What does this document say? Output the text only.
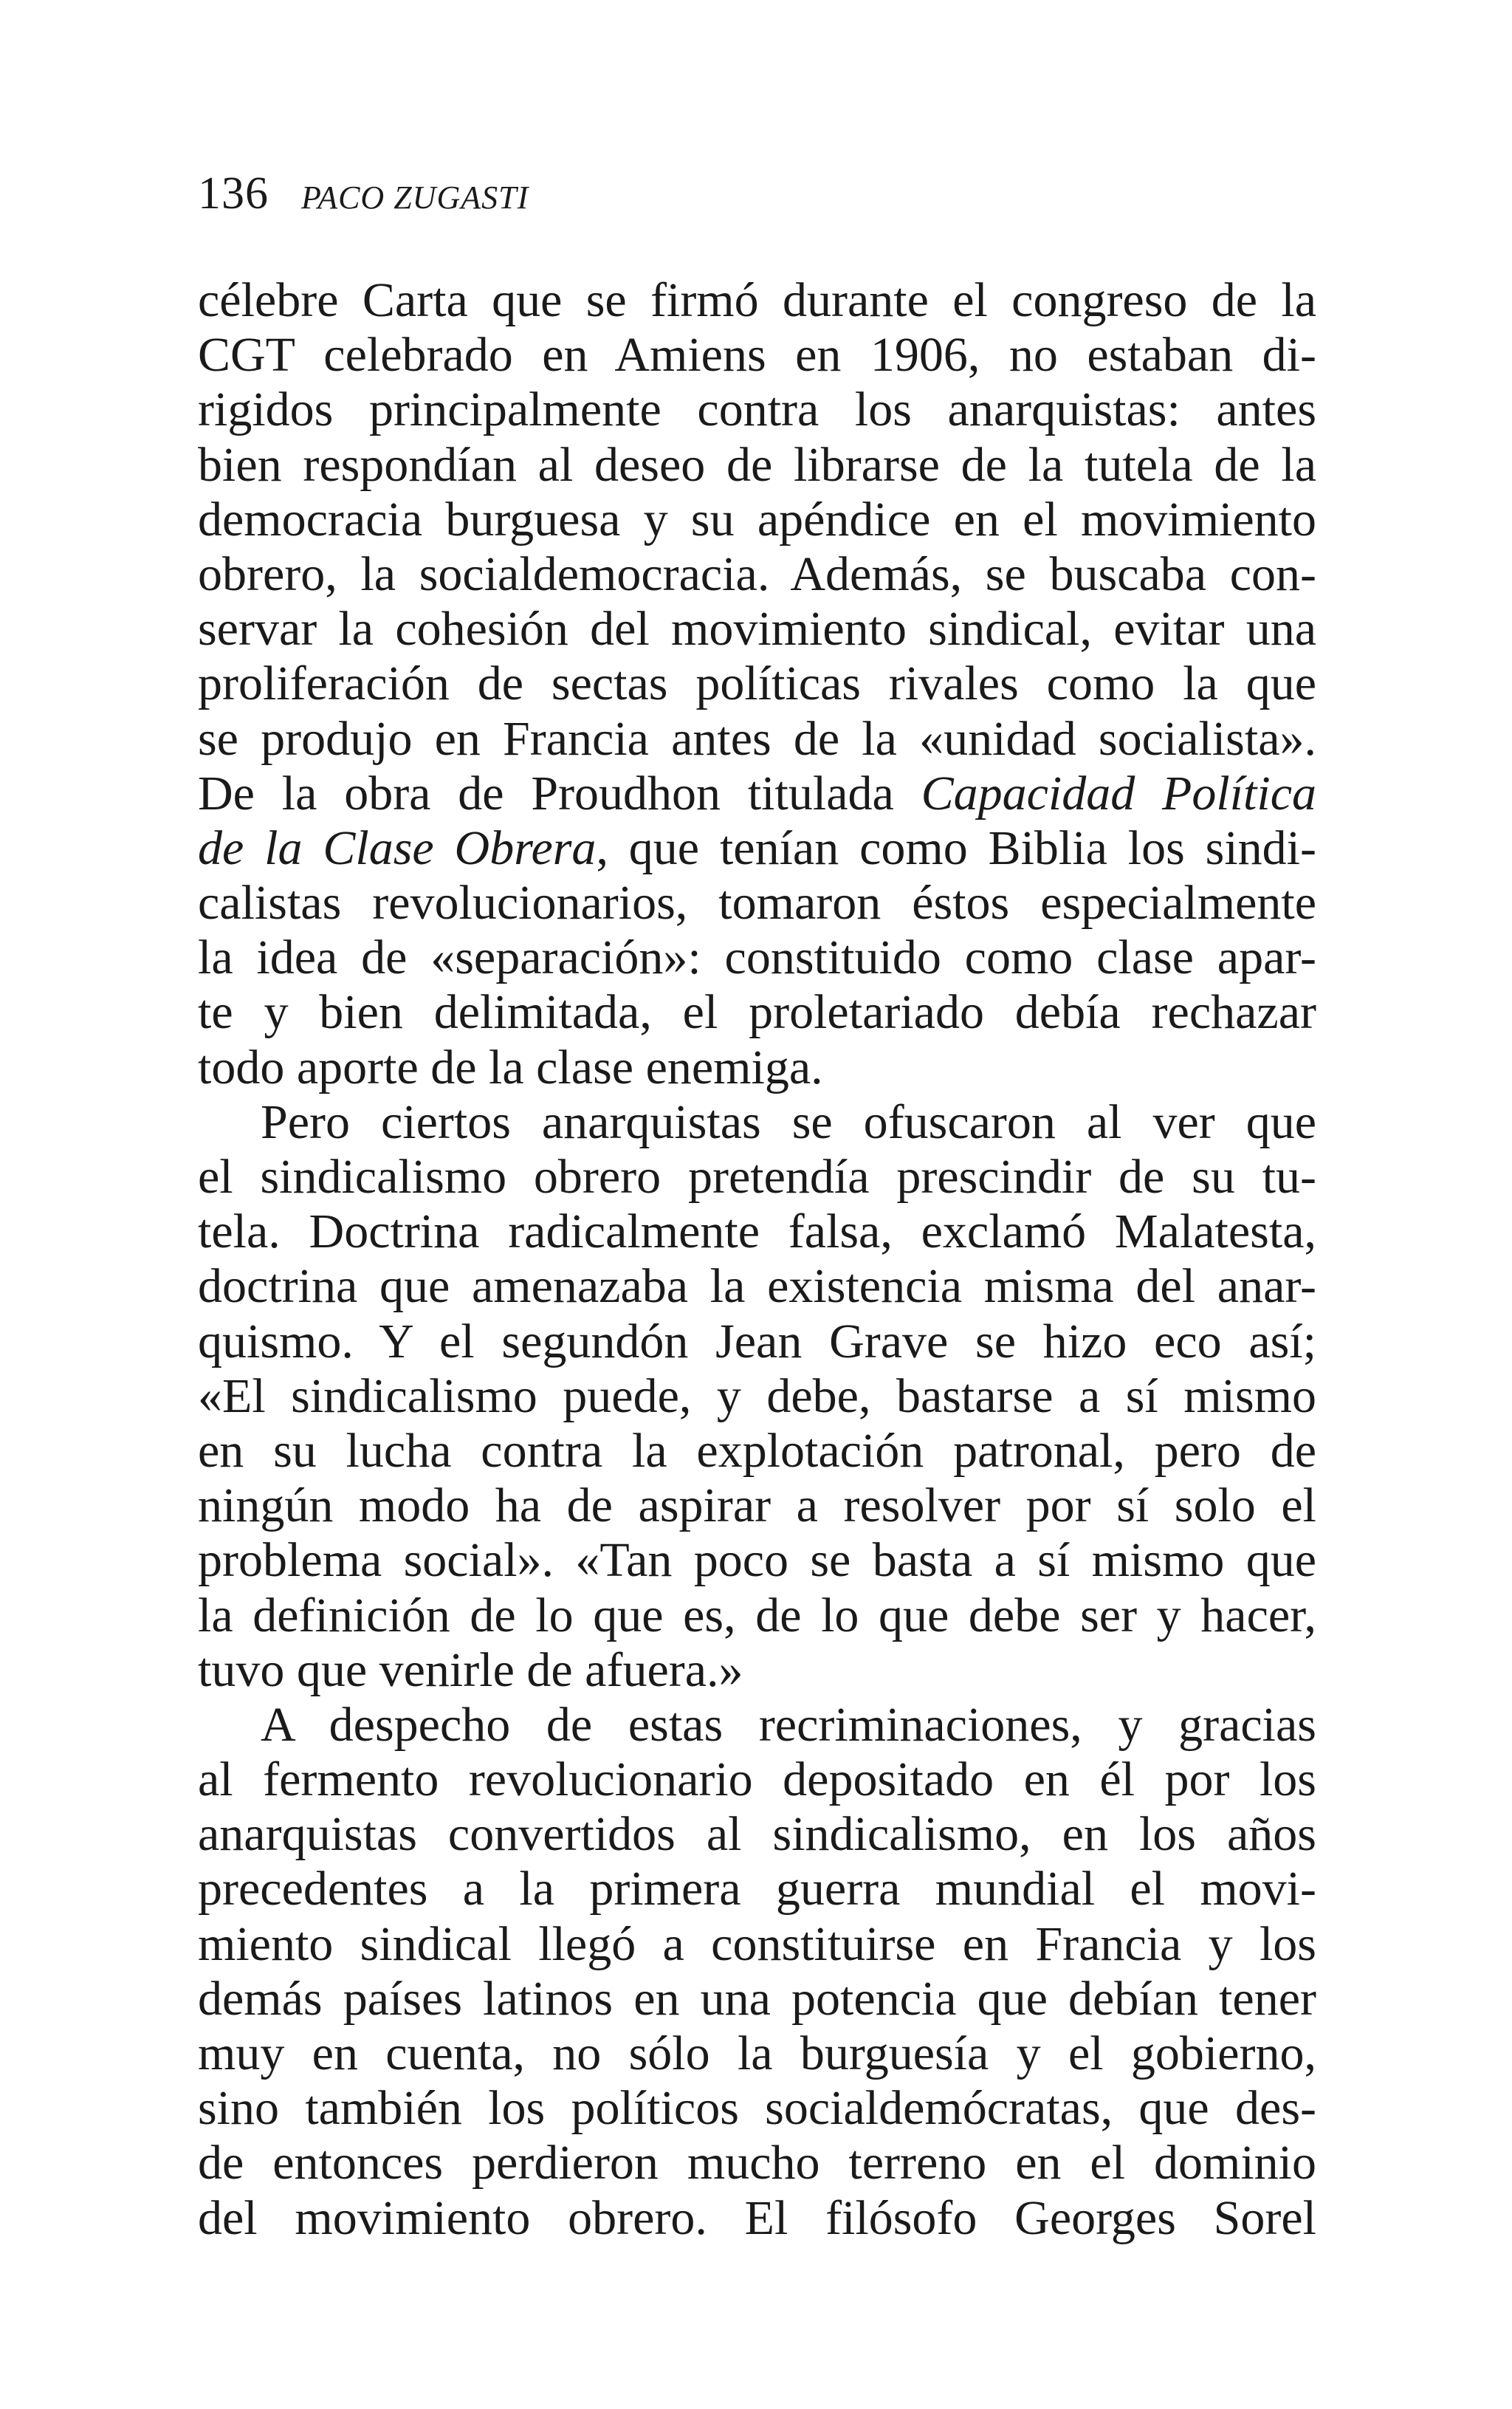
136 PACO ZUGASTI
célebre Carta que se firmó durante el congreso de la
CGT celebrado en Amiens en 1906, no estaban di-
rigidos principalmente contra los anarquistas: antes
bien respondían al deseo de librarse de la tutela de la
democracia burguesa y su apéndice en el movimiento
obrero, la socialdemocracia. Además, se buscaba con-
servar la cohesión del movimiento sindical, evitar una
proliferación de sectas políticas rivales como la que
se produjo en Francia antes de la «unidad socialista».
De la obra de Proudhon titulada Capacidad Política
de la Clase Obrera, que tenían como Biblia los sindi-
calistas revolucionarios, tomaron éstos especialmente
la idea de «separación»: constituido como clase apar-
te y bien delimitada, el proletariado debía rechazar
todo aporte de la clase enemiga.
Pero ciertos anarquistas se ofuscaron al ver que
el sindicalismo obrero pretendía prescindir de su tu-
tela. Doctrina radicalmente falsa, exclamó Malatesta,
doctrina que amenazaba la existencia misma del anar-
quismo. Y el segundón Jean Grave se hizo eco así;
«El sindicalismo puede, y debe, bastarse a sí mismo
en su lucha contra la explotación patronal, pero de
ningún modo ha de aspirar a resolver por sí solo el
problema social». «Tan poco se basta a sí mismo que
la definición de lo que es, de lo que debe ser y hacer,
tuvo que venirle de afuera.»
A despecho de estas recriminaciones, y gracias
al fermento revolucionario depositado en él por los
anarquistas convertidos al sindicalismo, en los años
precedentes a la primera guerra mundial el movi-
miento sindical llegó a constituirse en Francia y los
demás países latinos en una potencia que debían tener
muy en cuenta, no sólo la burguesía y el gobierno,
sino también los políticos socialdemócratas, que des-
de entonces perdieron mucho terreno en el dominio
del movimiento obrero. El filósofo Georges Sorel
